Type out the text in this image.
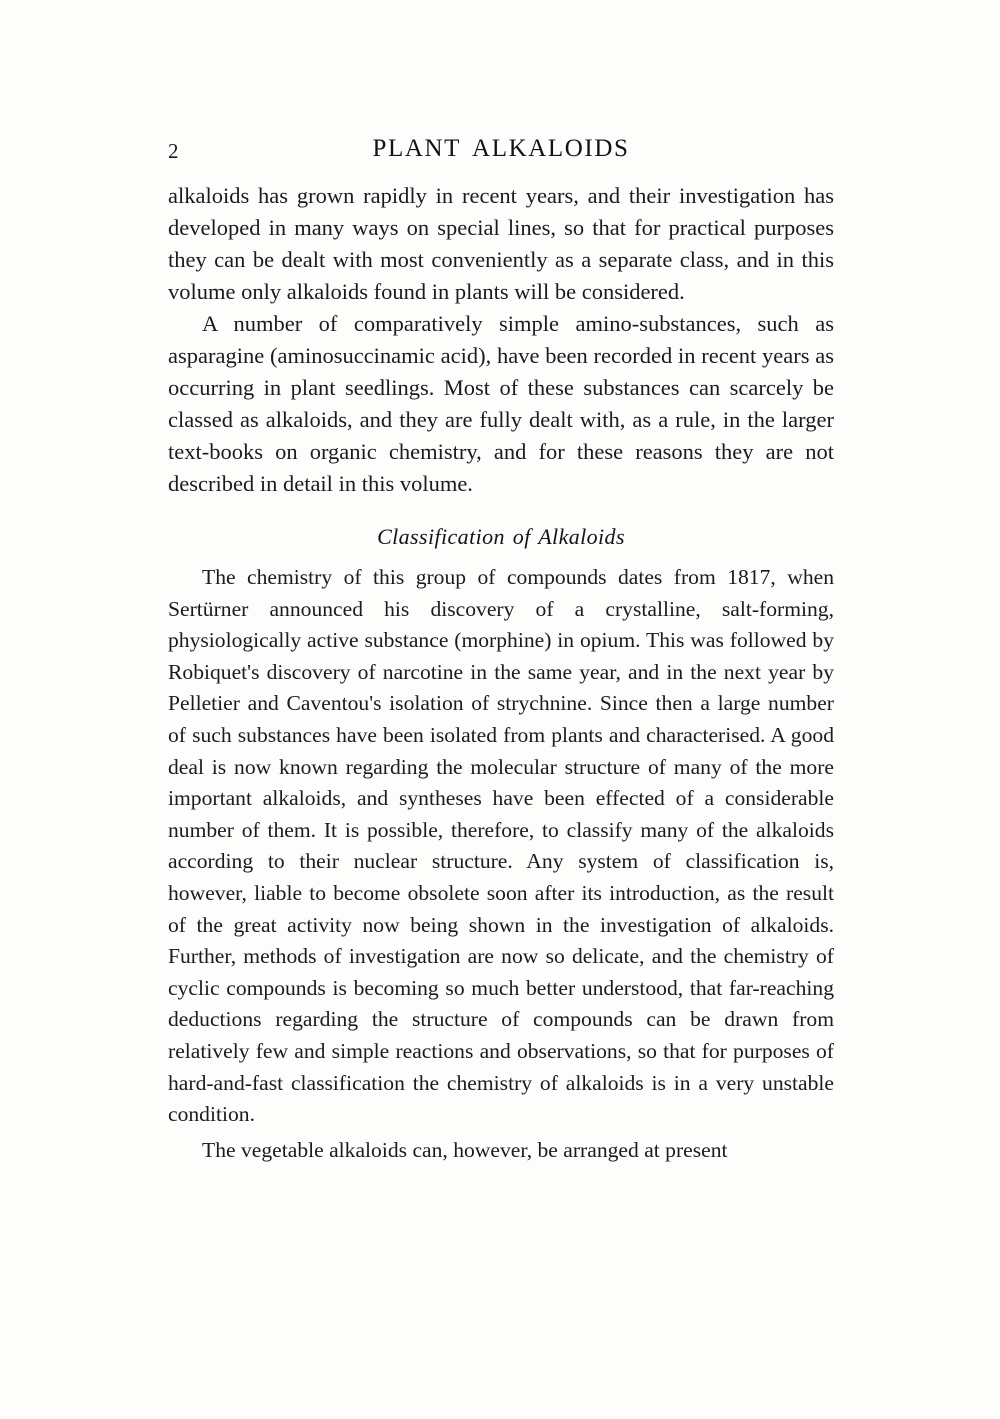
2	PLANT ALKALOIDS

alkaloids has grown rapidly in recent years, and their investigation has developed in many ways on special lines, so that for practical purposes they can be dealt with most conveniently as a separate class, and in this volume only alkaloids found in plants will be considered.

A number of comparatively simple amino-substances, such as asparagine (aminosuccinamic acid), have been recorded in recent years as occurring in plant seedlings. Most of these substances can scarcely be classed as alkaloids, and they are fully dealt with, as a rule, in the larger text-books on organic chemistry, and for these reasons they are not described in detail in this volume.

Classification of Alkaloids

The chemistry of this group of compounds dates from 1817, when Sertürner announced his discovery of a crystalline, salt-forming, physiologically active substance (morphine) in opium. This was followed by Robiquet's discovery of narcotine in the same year, and in the next year by Pelletier and Caventou's isolation of strychnine. Since then a large number of such substances have been isolated from plants and characterised. A good deal is now known regarding the molecular structure of many of the more important alkaloids, and syntheses have been effected of a considerable number of them. It is possible, therefore, to classify many of the alkaloids according to their nuclear structure. Any system of classification is, however, liable to become obsolete soon after its introduction, as the result of the great activity now being shown in the investigation of alkaloids. Further, methods of investigation are now so delicate, and the chemistry of cyclic compounds is becoming so much better understood, that far-reaching deductions regarding the structure of compounds can be drawn from relatively few and simple reactions and observations, so that for purposes of hard-and-fast classification the chemistry of alkaloids is in a very unstable condition.

The vegetable alkaloids can, however, be arranged at present
